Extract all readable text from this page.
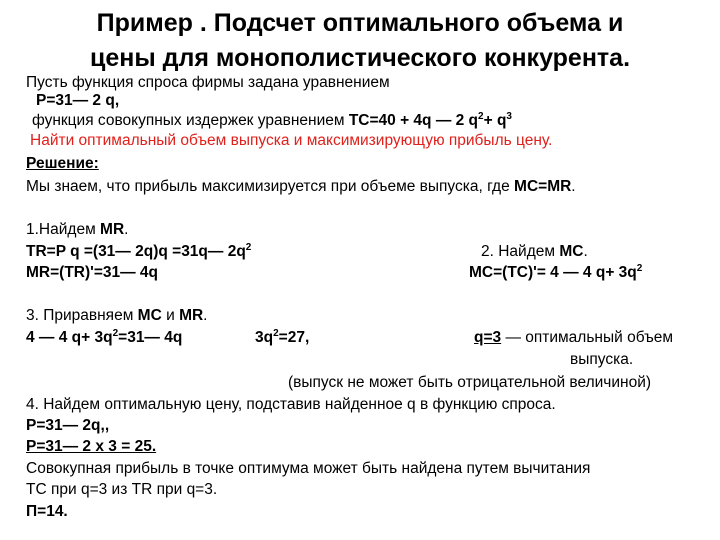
Пример . Подсчет оптимального объема и
цены для монополистического конкурента.
Пусть функция спроса фирмы задана уравнением
P=31— 2 q,
функция совокупных издержек уравнением TC=40 + 4q — 2 $q^2+ q^3$
Найти оптимальный объем выпуска и максимизирующую прибыль цену.
Решение:
Мы знаем, что прибыль максимизируется при объеме выпуска, где MC=MR.
1.Найдем MR.
TR=P q =(31— 2q)q =31q— $2q^2$
MR=(TR)'=31— 4q
2. Найдем MC.
MC=(TC)'= 4 — 4 $q+ 3q^2$
3. Приравняем MC и MR.
4 — 4 $q+ 3q^2=31—$ 4q	$3q^2=27$,	q=3 — оптимальный объем
выпуска.
(выпуск не может быть отрицательной величиной)
4. Найдем оптимальную цену, подставив найденное q в функцию спроса.
P=31— 2q,,
P=31— 2 х 3 = 25.
Совокупная прибыль в точке оптимума может быть найдена путем вычитания
TC при q=3 из TR при q=3.
П=14.
